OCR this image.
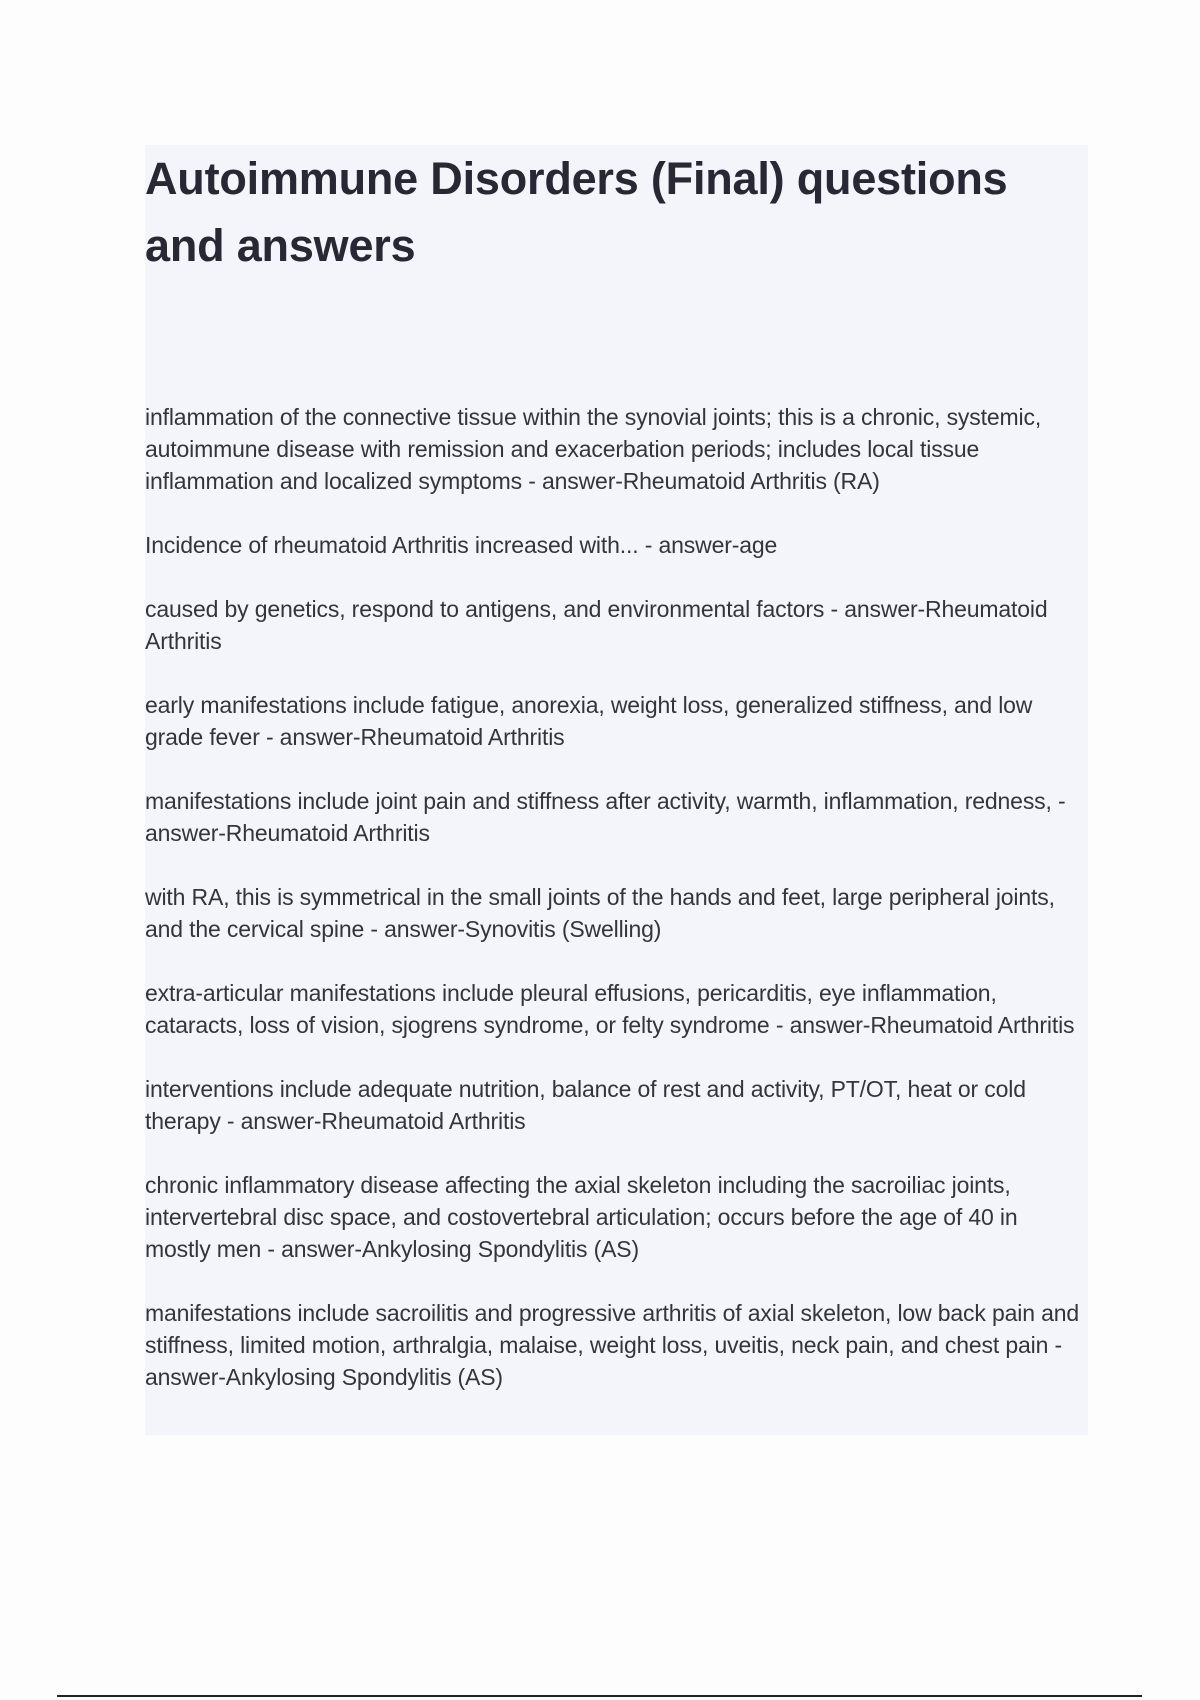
Autoimmune Disorders (Final) questions and answers

inflammation of the connective tissue within the synovial joints; this is a chronic, systemic, autoimmune disease with remission and exacerbation periods; includes local tissue inflammation and localized symptoms - answer-Rheumatoid Arthritis (RA)

Incidence of rheumatoid Arthritis increased with... - answer-age

caused by genetics, respond to antigens, and environmental factors - answer-Rheumatoid Arthritis

early manifestations include fatigue, anorexia, weight loss, generalized stiffness, and low grade fever - answer-Rheumatoid Arthritis

manifestations include joint pain and stiffness after activity, warmth, inflammation, redness, - answer-Rheumatoid Arthritis

with RA, this is symmetrical in the small joints of the hands and feet, large peripheral joints, and the cervical spine - answer-Synovitis (Swelling)

extra-articular manifestations include pleural effusions, pericarditis, eye inflammation, cataracts, loss of vision, sjogrens syndrome, or felty syndrome - answer-Rheumatoid Arthritis

interventions include adequate nutrition, balance of rest and activity, PT/OT, heat or cold therapy - answer-Rheumatoid Arthritis

chronic inflammatory disease affecting the axial skeleton including the sacroiliac joints, intervertebral disc space, and costovertebral articulation; occurs before the age of 40 in mostly men - answer-Ankylosing Spondylitis (AS)

manifestations include sacroilitis and progressive arthritis of axial skeleton, low back pain and stiffness, limited motion, arthralgia, malaise, weight loss, uveitis, neck pain, and chest pain - answer-Ankylosing Spondylitis (AS)
